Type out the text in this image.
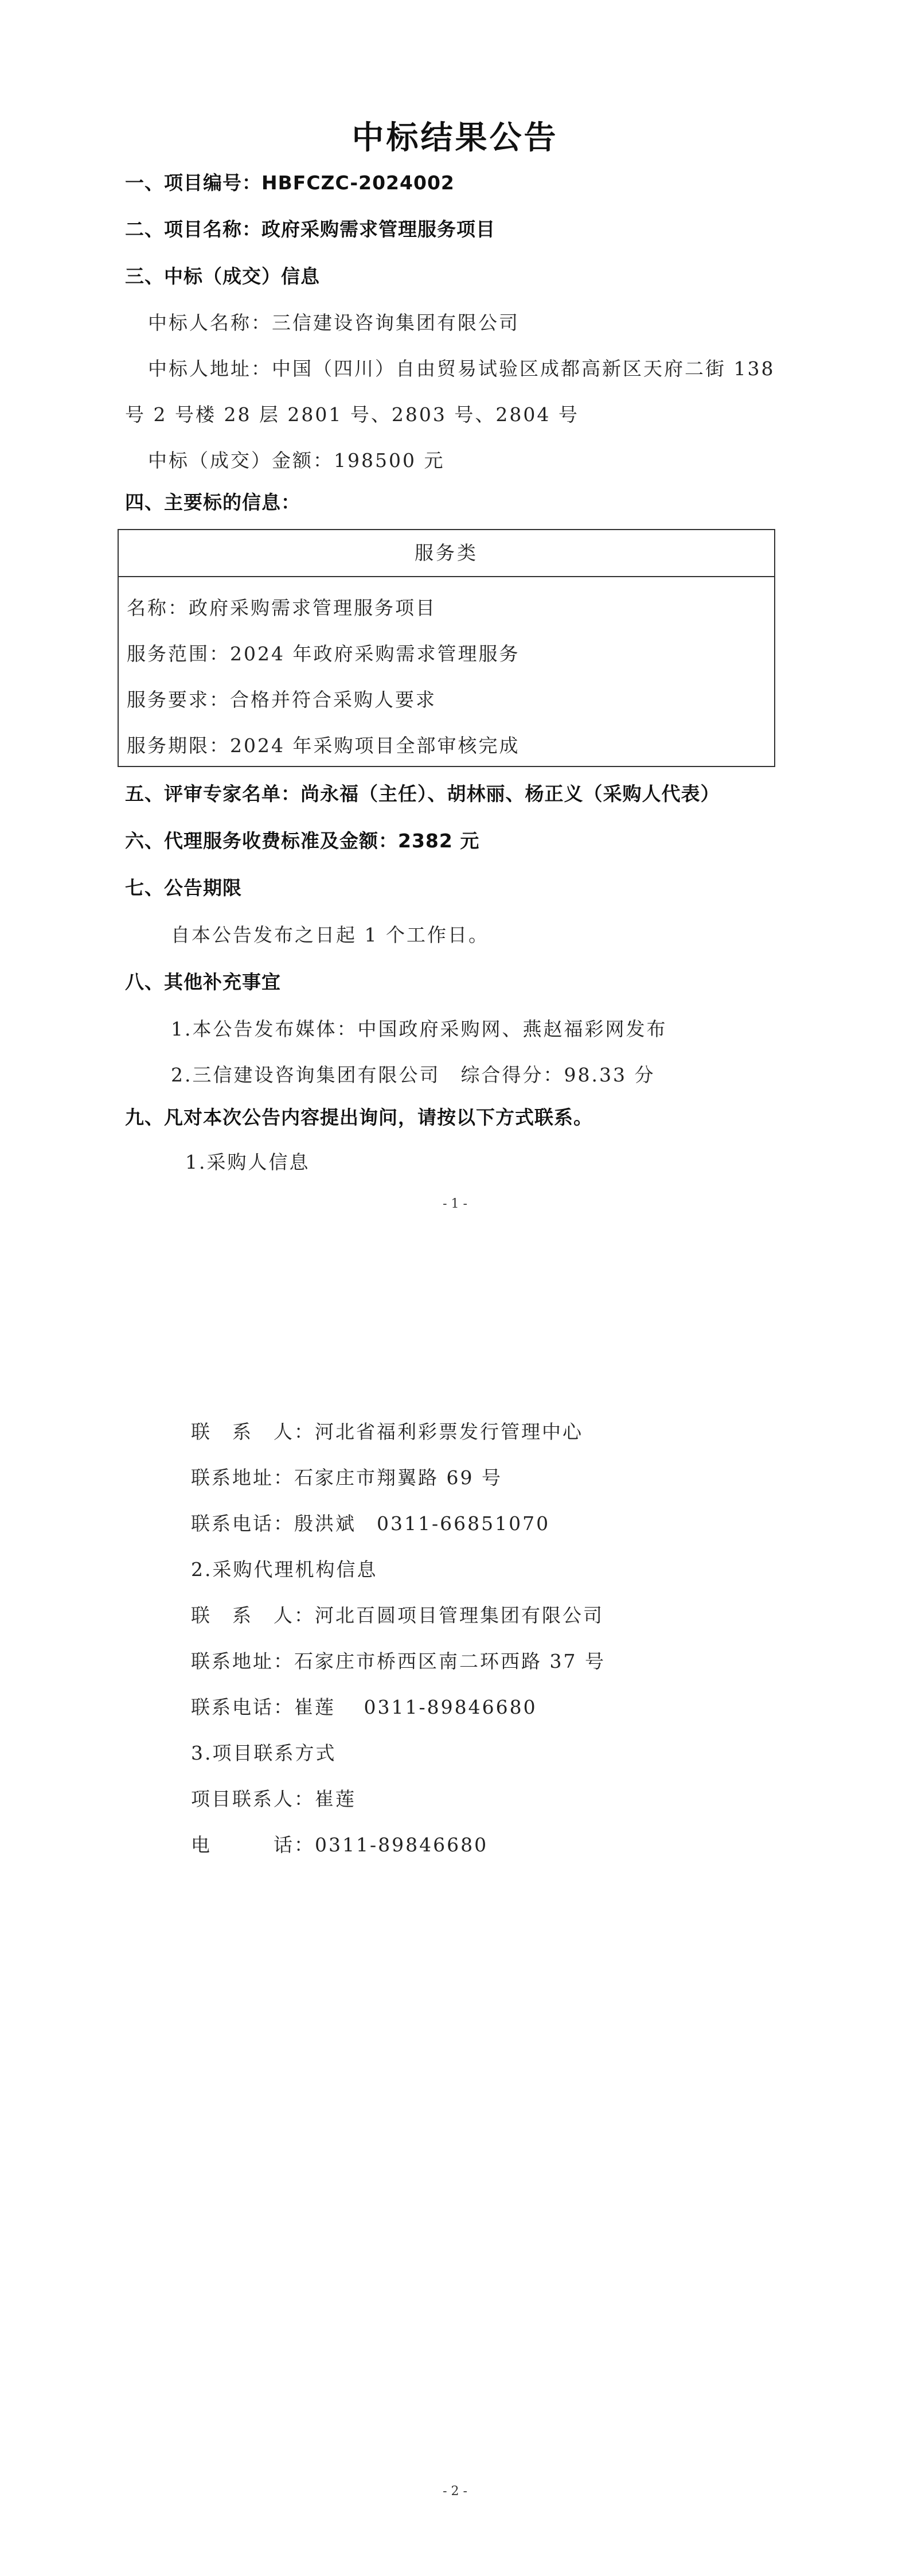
中标结果公告
一、项目编号：HBFCZC-2024002
二、项目名称：政府采购需求管理服务项目
三、中标（成交）信息
中标人名称：三信建设咨询集团有限公司
中标人地址：中国（四川）自由贸易试验区成都高新区天府二街 138
号 2 号楼 28 层 2801 号、2803 号、2804 号
中标（成交）金额：198500 元
四、主要标的信息：
服务类
名称：政府采购需求管理服务项目
服务范围：2024 年政府采购需求管理服务
服务要求：合格并符合采购人要求
服务期限：2024 年采购项目全部审核完成
五、评审专家名单：尚永福（主任）、胡林丽、杨正义（采购人代表）
六、代理服务收费标准及金额：2382 元
七、公告期限
自本公告发布之日起 1 个工作日。
八、其他补充事宜
1.本公告发布媒体：中国政府采购网、燕赵福彩网发布
2.三信建设咨询集团有限公司　综合得分：98.33 分
九、凡对本次公告内容提出询问，请按以下方式联系。
1.采购人信息
- 1 -
联　系　人：河北省福利彩票发行管理中心
联系地址：石家庄市翔翼路 69 号
联系电话：殷洪斌　0311-66851070
2.采购代理机构信息
联　系　人：河北百圆项目管理集团有限公司
联系地址：石家庄市桥西区南二环西路 37 号
联系电话：崔莲　 0311-89846680
3.项目联系方式
项目联系人：崔莲
电　　　话：0311-89846680
- 2 -
